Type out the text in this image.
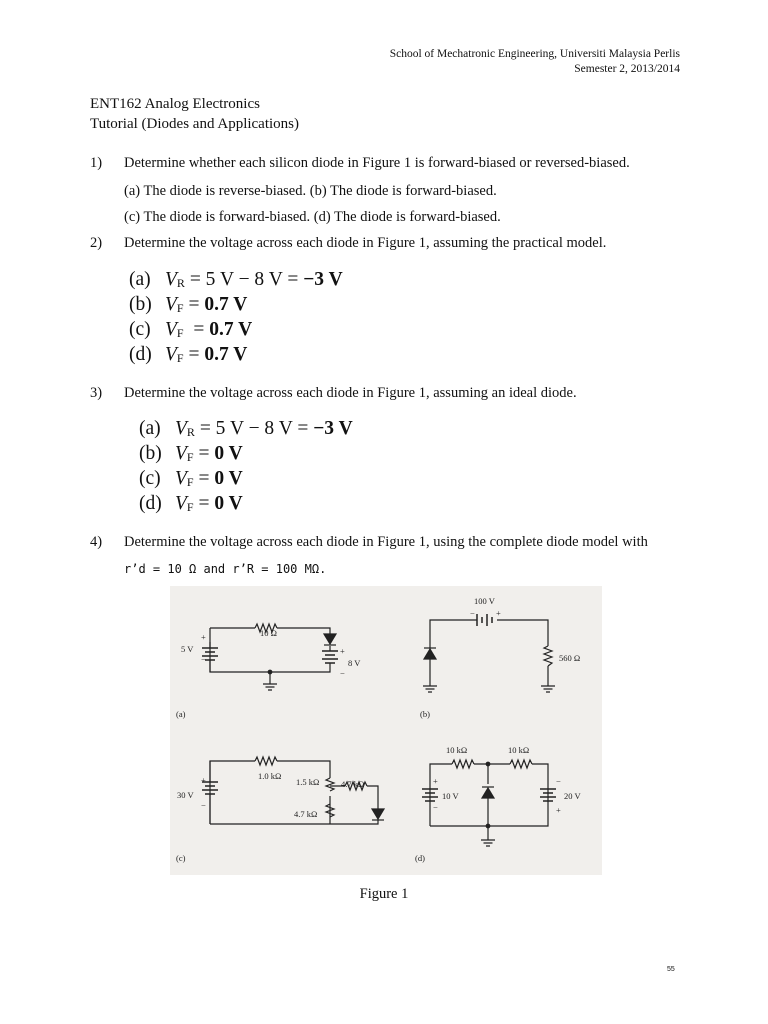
School of Mechatronic Engineering, Universiti Malaysia Perlis
Semester 2, 2013/2014
ENT162 Analog Electronics
Tutorial (Diodes and Applications)
1) Determine whether each silicon diode in Figure 1 is forward-biased or reversed-biased.
(a) The diode is reverse-biased. (b) The diode is forward-biased.
(c) The diode is forward-biased. (d) The diode is forward-biased.
2) Determine the voltage across each diode in Figure 1, assuming the practical model.
(a) $V_R = 5$ V − 8 V = −3 V
(b) $V_F = 0.7$ V
(c) $V_F = 0.7$ V
(d) $V_F = 0.7$ V
3) Determine the voltage across each diode in Figure 1, assuming an ideal diode.
(a) $V_R = 5$ V − 8 V = −3 V
(b) $V_F = 0$ V
(c) $V_F = 0$ V
(d) $V_F = 0$ V
4) Determine the voltage across each diode in Figure 1, using the complete diode model with
r’d = 10 Ω and r’R = 100 MΩ.
10 Ω
5 V
8 V
+
−
+
−
(a)
100 V
− +
560 Ω
(b)
1.0 kΩ
1.5 kΩ	4.7 kΩ
4.7 kΩ
30 V
+
−
(c)
10 kΩ	10 kΩ
10 V	20 V
+
−
−
+
(d)
Figure 1
55
